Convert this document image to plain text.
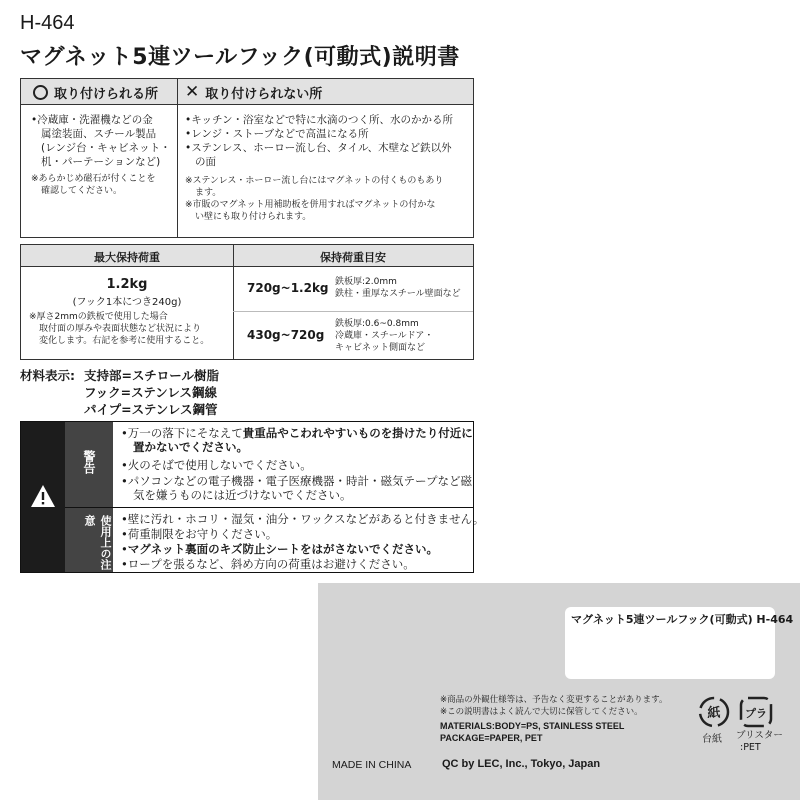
H-464
マグネット5連ツールフック(可動式)説明書
取り付けられる所 ✕ 取り付けられない所
•冷蔵庫・洗濯機などの金
属塗装面、スチール製品
(レンジ台・キャビネット・
机・パーテーションなど)
※あらかじめ磁石が付くことを
確認してください。
•キッチン・浴室などで特に水滴のつく所、水のかかる所
•レンジ・ストーブなどで高温になる所
•ステンレス、ホーロー流し台、タイル、木壁など鉄以外
の面
※ステンレス・ホーロー流し台にはマグネットの付くものもあり
ます。
※市販のマグネット用補助板を併用すればマグネットの付かな
い壁にも取り付けられます。
最大保持荷重	保持荷重目安
1.2kg
(フック1本につき240g)
※厚さ2mmの鉄板で使用した場合
取付面の厚みや表面状態など状況により
変化します。右記を参考に使用すること。
720g~1.2kg 鉄板厚:2.0mm
鉄柱・重厚なスチール壁面など
430g~720g
鉄板厚:0.6~0.8mm
冷蔵庫・スチールドア・
キャビネット側面など
材料表示: 支持部=スチロール樹脂
フック=ステンレス鋼線
パイプ=ステンレス鋼管
警告
使用上の注意
•万一の落下にそなえて貴重品やこわれやすいものを掛けたり付近に
置かないでください。
•火のそばで使用しないでください。
•パソコンなどの電子機器・電子医療機器・時計・磁気テープなど磁
気を嫌うものには近づけないでください。
•壁に汚れ・ホコリ・湿気・油分・ワックスなどがあると付きません。
•荷重制限をお守りください。
•マグネット裏面のキズ防止シートをはがさないでください。
•ロープを張るなど、斜め方向の荷重はお避けください。
マグネット5連ツールフック(可動式) H-464
※商品の外観仕様等は、予告なく変更することがあります。
※この説明書はよく読んで大切に保管してください。
MATERIALS:BODY=PS, STAINLESS STEEL
PACKAGE=PAPER, PET
紙
台紙
プラ
ブリスター
:PET
MADE IN CHINA	QC by LEC, Inc., Tokyo, Japan
